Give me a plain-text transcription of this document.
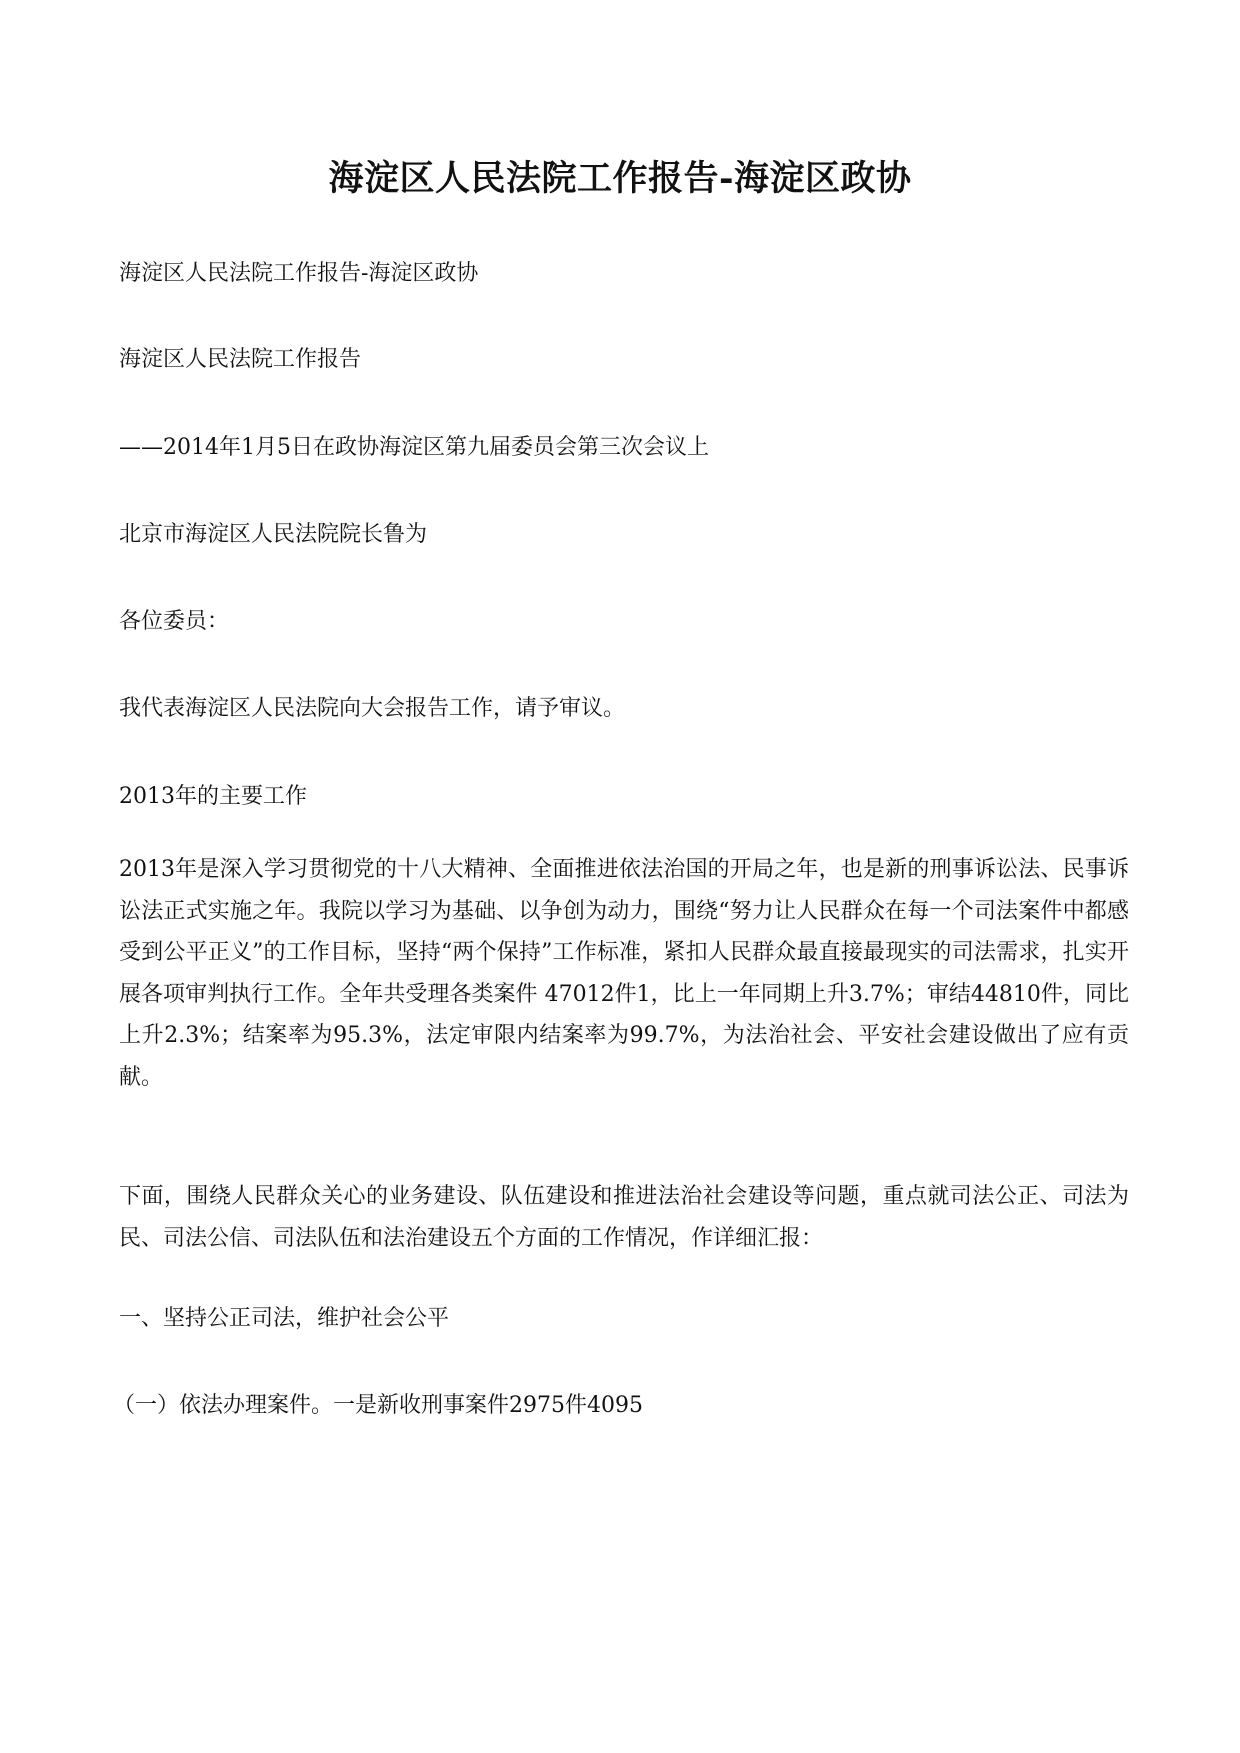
海淀区人民法院工作报告-海淀区政协
海淀区人民法院工作报告-海淀区政协
海淀区人民法院工作报告
——2014年1月5日在政协海淀区第九届委员会第三次会议上
北京市海淀区人民法院院长鲁为
各位委员：
我代表海淀区人民法院向大会报告工作，请予审议。
2013年的主要工作
2013年是深入学习贯彻党的十八大精神、全面推进依法治国的开局之年，也是新的刑事诉讼法、民事诉讼法正式实施之年。我院以学习为基础、以争创为动力，围绕“努力让人民群众在每一个司法案件中都感受到公平正义”的工作目标，坚持“两个保持”工作标准，紧扣人民群众最直接最现实的司法需求，扎实开展各项审判执行工作。全年共受理各类案件 47012件1，比上一年同期上升3.7%；审结44810件，同比上升2.3%；结案率为95.3%，法定审限内结案率为99.7%，为法治社会、平安社会建设做出了应有贡献。
下面，围绕人民群众关心的业务建设、队伍建设和推进法治社会建设等问题，重点就司法公正、司法为民、司法公信、司法队伍和法治建设五个方面的工作情况，作详细汇报：
一、坚持公正司法，维护社会公平
（一）依法办理案件。一是新收刑事案件2975件4095
